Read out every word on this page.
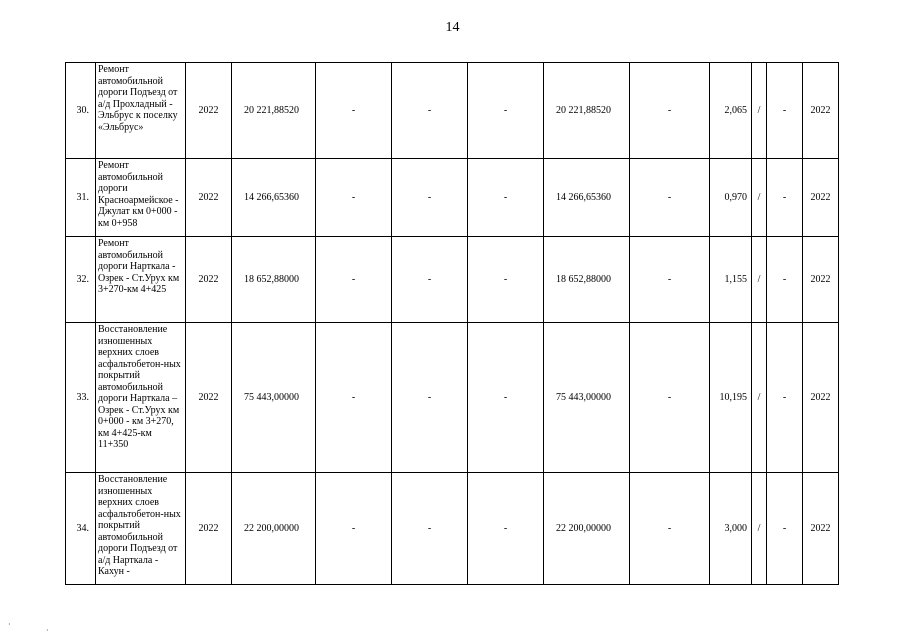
14
30.	Ремонт автомобильной дороги Подъезд от а/д Прохладный - Эльбрус к поселку «Эльбрус»	2022	20 221,88520	-	-	-	20 221,88520	-	2,065	/	-	2022
31.	Ремонт автомобильной дороги Красноармейское - Джулат км 0+000 - км 0+958	2022	14 266,65360	-	-	-	14 266,65360	-	0,970	/	-	2022
32.	Ремонт автомобильной дороги Нарткала - Озрек - Ст.Урух км 3+270-км 4+425	2022	18 652,88000	-	-	-	18 652,88000	-	1,155	/	-	2022
33.	Восстановление изношенных верхних слоев асфальтобетон-ных покрытий автомобильной дороги Нарткала – Озрек - Ст.Урух км 0+000 - км 3+270, км 4+425-км 11+350	2022	75 443,00000	-	-	-	75 443,00000	-	10,195	/	-	2022
34.	Восстановление изношенных верхних слоев асфальтобетон-ных покрытий автомобильной дороги Подъезд от а/д Нарткала - Кахун -	2022	22 200,00000	-	-	-	22 200,00000	-	3,000	/	-	2022
·
·
